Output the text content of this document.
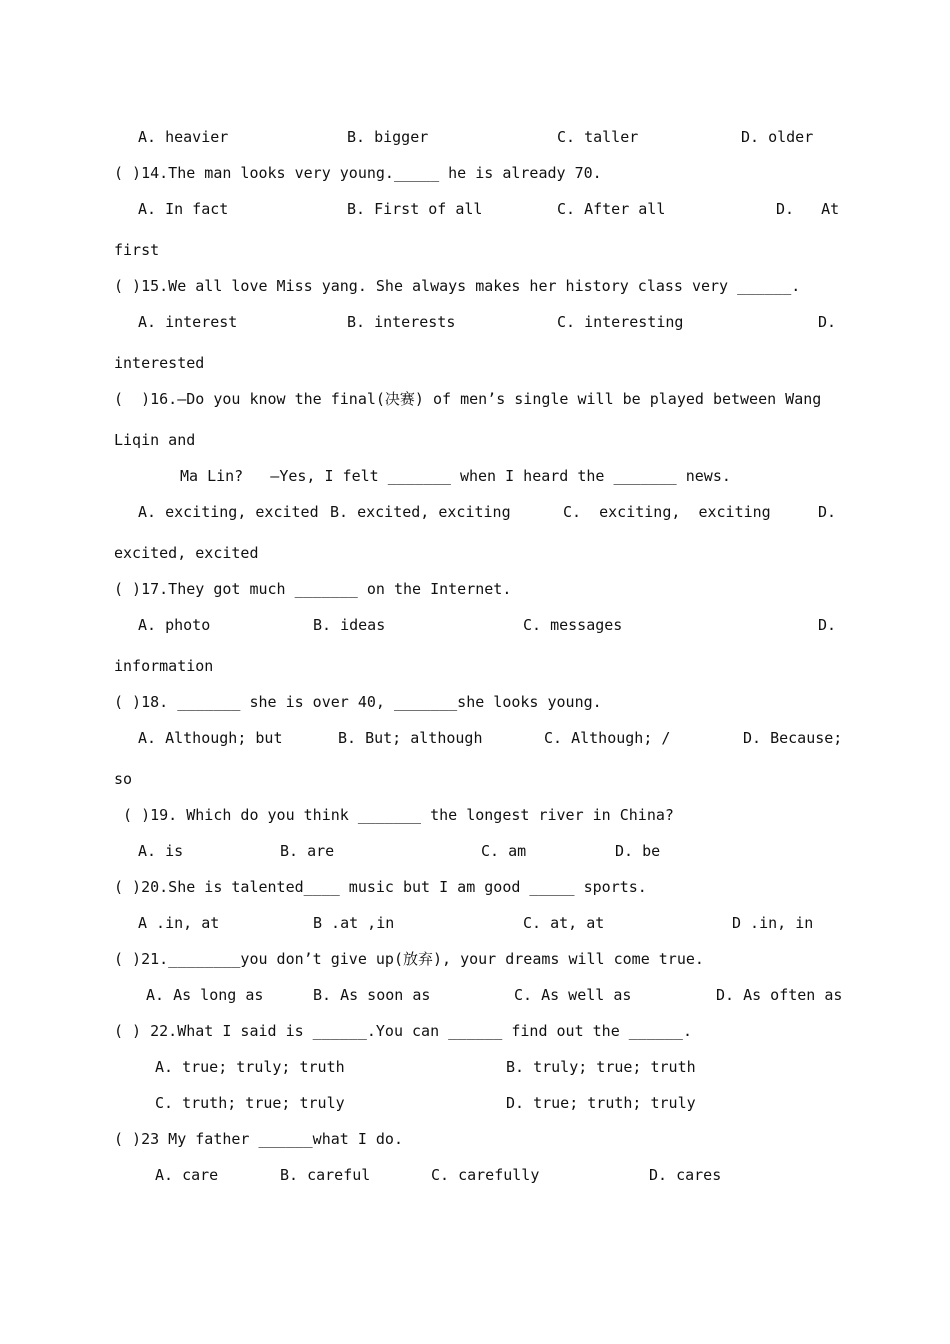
A. heavier

	B. bigger

	C. taller

	D. older

( )14.The man looks very young._____ he is already 70.

A. In fact

	B. First of all

	C. After all

	D.   At

first
( )15.We all love Miss yang. She always makes her history class very ______.

A. interest

	B. interests

	C. interesting

	D.

interested
(  )16.—Do you know the final(决赛) of men’s single will be played between Wang
Liqin and
Ma Lin?   —Yes, I felt _______ when I heard the _______ news.

A. exciting, excited

B. excited, exciting

	C.  exciting,  exciting

	D.

excited, excited
( )17.They got much _______ on the Internet.

A. photo

	B. ideas

	C. messages

	D.

information
( )18. _______ she is over 40, _______she looks young.

A. Although; but

	B. But; although

	C. Although; /

	D. Because;

so
( )19. Which do you think _______ the longest river in China?

A. is

	B. are

	C. am

	D. be

( )20.She is talented____ music but I am good _____ sports.

A .in, at

	B .at ,in

	C. at, at

	D .in, in

( )21.________you don’t give up(放弃), your dreams will come true.

A. As long as

	B. As soon as

	C. As well as

	D. As often as

( ) 22.What I said is ______.You can ______ find out the ______.

A. true; truly; truth

	B. truly; true; truth

C. truth; true; truly

	D. true; truth; truly

( )23 My father ______what I do.

A. care

	B. careful

	C. carefully

	D. cares
